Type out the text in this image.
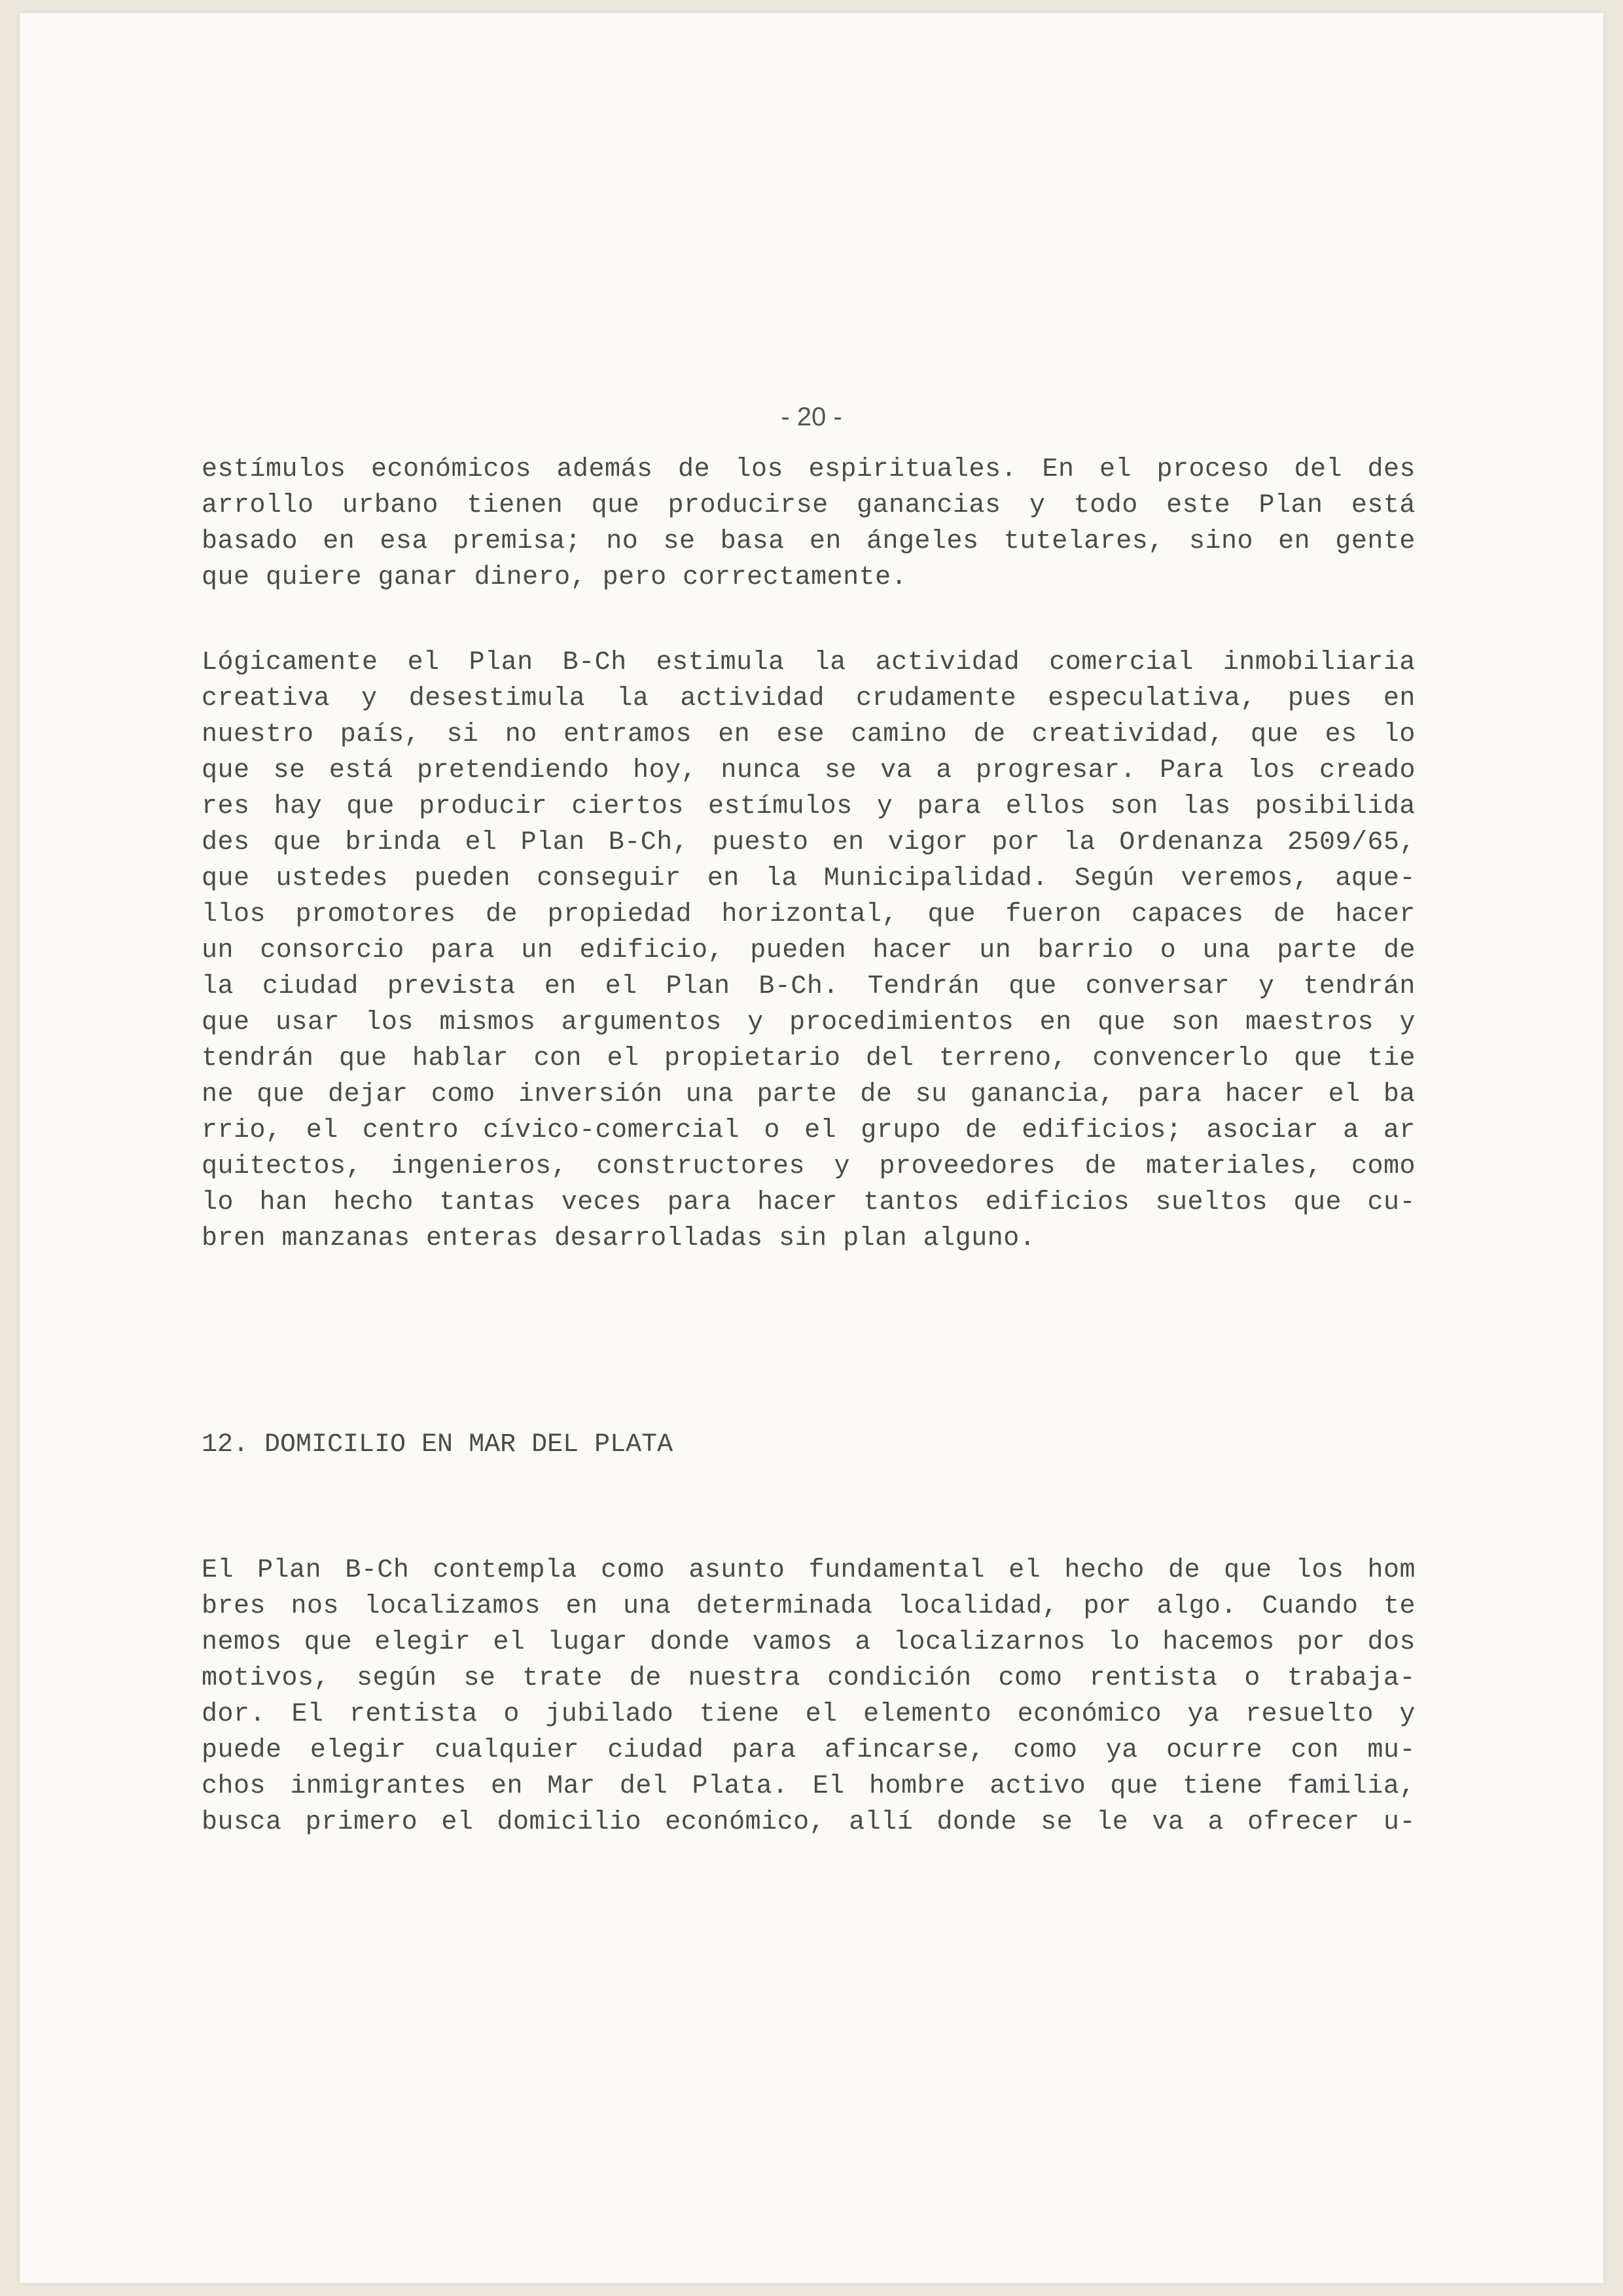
- 20 -
estímulos económicos además de los espirituales. En el proceso del des
arrollo urbano tienen que producirse ganancias y todo este Plan está
basado en esa premisa; no se basa en ángeles tutelares, sino en gente
que quiere ganar dinero, pero correctamente.
Lógicamente el Plan B-Ch estimula la actividad comercial inmobiliaria
creativa y desestimula la actividad crudamente especulativa, pues en
nuestro país, si no entramos en ese camino de creatividad, que es lo
que se está pretendiendo hoy, nunca se va a progresar. Para los creado
res hay que producir ciertos estímulos y para ellos son las posibilida
des que brinda el Plan B-Ch, puesto en vigor por la Ordenanza 2509/65,
que ustedes pueden conseguir en la Municipalidad. Según veremos, aque-
llos promotores de propiedad horizontal, que fueron capaces de hacer
un consorcio para un edificio, pueden hacer un barrio o una parte de
la ciudad prevista en el Plan B-Ch. Tendrán que conversar y tendrán
que usar los mismos argumentos y procedimientos en que son maestros y
tendrán que hablar con el propietario del terreno, convencerlo que tie
ne que dejar como inversión una parte de su ganancia, para hacer el ba
rrio, el centro cívico-comercial o el grupo de edificios; asociar a ar
quitectos, ingenieros, constructores y proveedores de materiales, como
lo han hecho tantas veces para hacer tantos edificios sueltos que cu-
bren manzanas enteras desarrolladas sin plan alguno.
12. DOMICILIO EN MAR DEL PLATA
El Plan B-Ch contempla como asunto fundamental el hecho de que los hom
bres nos localizamos en una determinada localidad, por algo. Cuando te
nemos que elegir el lugar donde vamos a localizarnos lo hacemos por dos
motivos, según se trate de nuestra condición como rentista o trabaja-
dor. El rentista o jubilado tiene el elemento económico ya resuelto y
puede elegir cualquier ciudad para afincarse, como ya ocurre con mu-
chos inmigrantes en Mar del Plata. El hombre activo que tiene familia,
busca primero el domicilio económico, allí donde se le va a ofrecer u-
